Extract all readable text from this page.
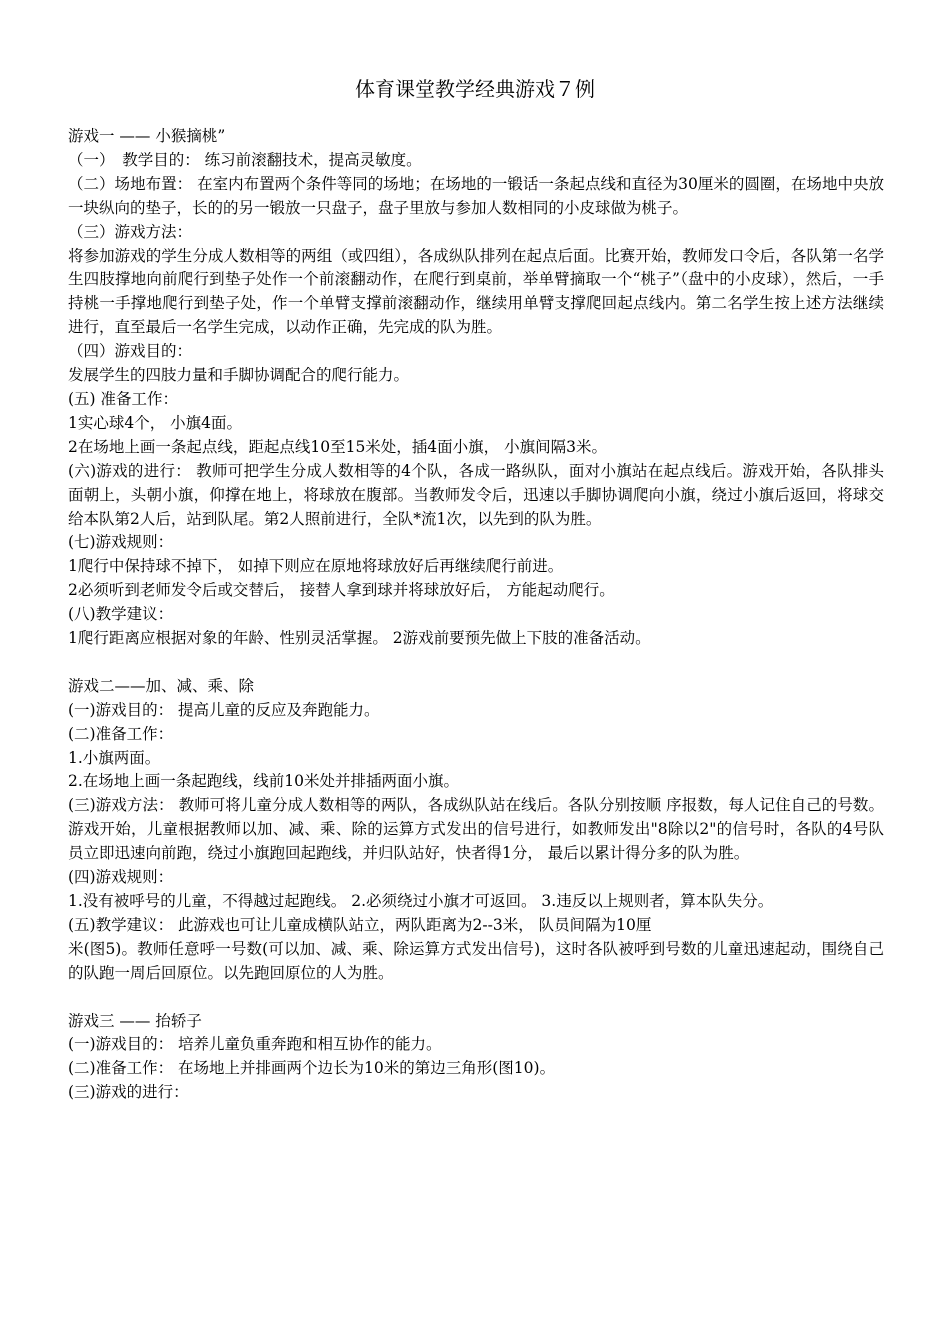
体育课堂教学经典游戏７例

游戏一 —— 小猴摘桃”

（一）　教学目的： 练习前滚翻技术，提高灵敏度。

（二）场地布置： 在室内布置两个条件等同的场地；在场地的一锻话一条起点线和直径为30厘米的圆圈，在场地中央放一块纵向的垫子，长的的另一锻放一只盘子，盘子里放与参加人数相同的小皮球做为桃子。

（三）游戏方法：

将参加游戏的学生分成人数相等的两组（或四组），各成纵队排列在起点后面。比赛开始，教师发口令后，各队第一名学生四肢撑地向前爬行到垫子处作一个前滚翻动作，在爬行到桌前，举单臂摘取一个“桃子”（盘中的小皮球），然后，一手持桃一手撑地爬行到垫子处，作一个单臂支撑前滚翻动作，继续用单臂支撑爬回起点线内。第二名学生按上述方法继续进行，直至最后一名学生完成，以动作正确，先完成的队为胜。

（四）游戏目的：

发展学生的四肢力量和手脚协调配合的爬行能力。

(五) 准备工作：

1实心球4个， 小旗4面。

2在场地上画一条起点线，距起点线10至15米处，插4面小旗， 小旗间隔3米。

(六)游戏的进行： 教师可把学生分成人数相等的4个队，各成一路纵队，面对小旗站在起点线后。游戏开始，各队排头面朝上，头朝小旗，仰撑在地上，将球放在腹部。当教师发令后，迅速以手脚协调爬向小旗，绕过小旗后返回，将球交给本队第2人后，站到队尾。第2人照前进行，全队*流1次，以先到的队为胜。

(七)游戏规则：

1爬行中保持球不掉下， 如掉下则应在原地将球放好后再继续爬行前进。

2必须听到老师发令后或交替后， 接替人拿到球并将球放好后， 方能起动爬行。

(八)教学建议：

1爬行距离应根据对象的年龄、性别灵活掌握。 2游戏前要预先做上下肢的准备活动。

游戏二——加、减、乘、除

(一)游戏目的： 提高儿童的反应及奔跑能力。

(二)准备工作：

1.小旗两面。

2.在场地上画一条起跑线，线前10米处并排插两面小旗。

(三)游戏方法： 教师可将儿童分成人数相等的两队，各成纵队站在线后。各队分别按顺 序报数，每人记住自己的号数。 游戏开始，儿童根据教师以加、减、乘、除的运算方式发出的信号进行，如教师发出"8除以2"的信号时，各队的4号队员立即迅速向前跑，绕过小旗跑回起跑线，并归队站好，快者得1分， 最后以累计得分多的队为胜。

(四)游戏规则：

1.没有被呼号的儿童，不得越过起跑线。 2.必须绕过小旗才可返回。 3.违反以上规则者，算本队失分。

(五)教学建议： 此游戏也可让儿童成横队站立，两队距离为2--3米， 队员间隔为10厘

米(图5)。教师任意呼一号数(可以加、减、乘、除运算方式发出信号)，这时各队被呼到号数的儿童迅速起动，围绕自己的队跑一周后回原位。以先跑回原位的人为胜。

游戏三 —— 抬轿子

(一)游戏目的： 培养儿童负重奔跑和相互协作的能力。

(二)准备工作： 在场地上并排画两个边长为10米的第边三角形(图10)。

(三)游戏的进行：
